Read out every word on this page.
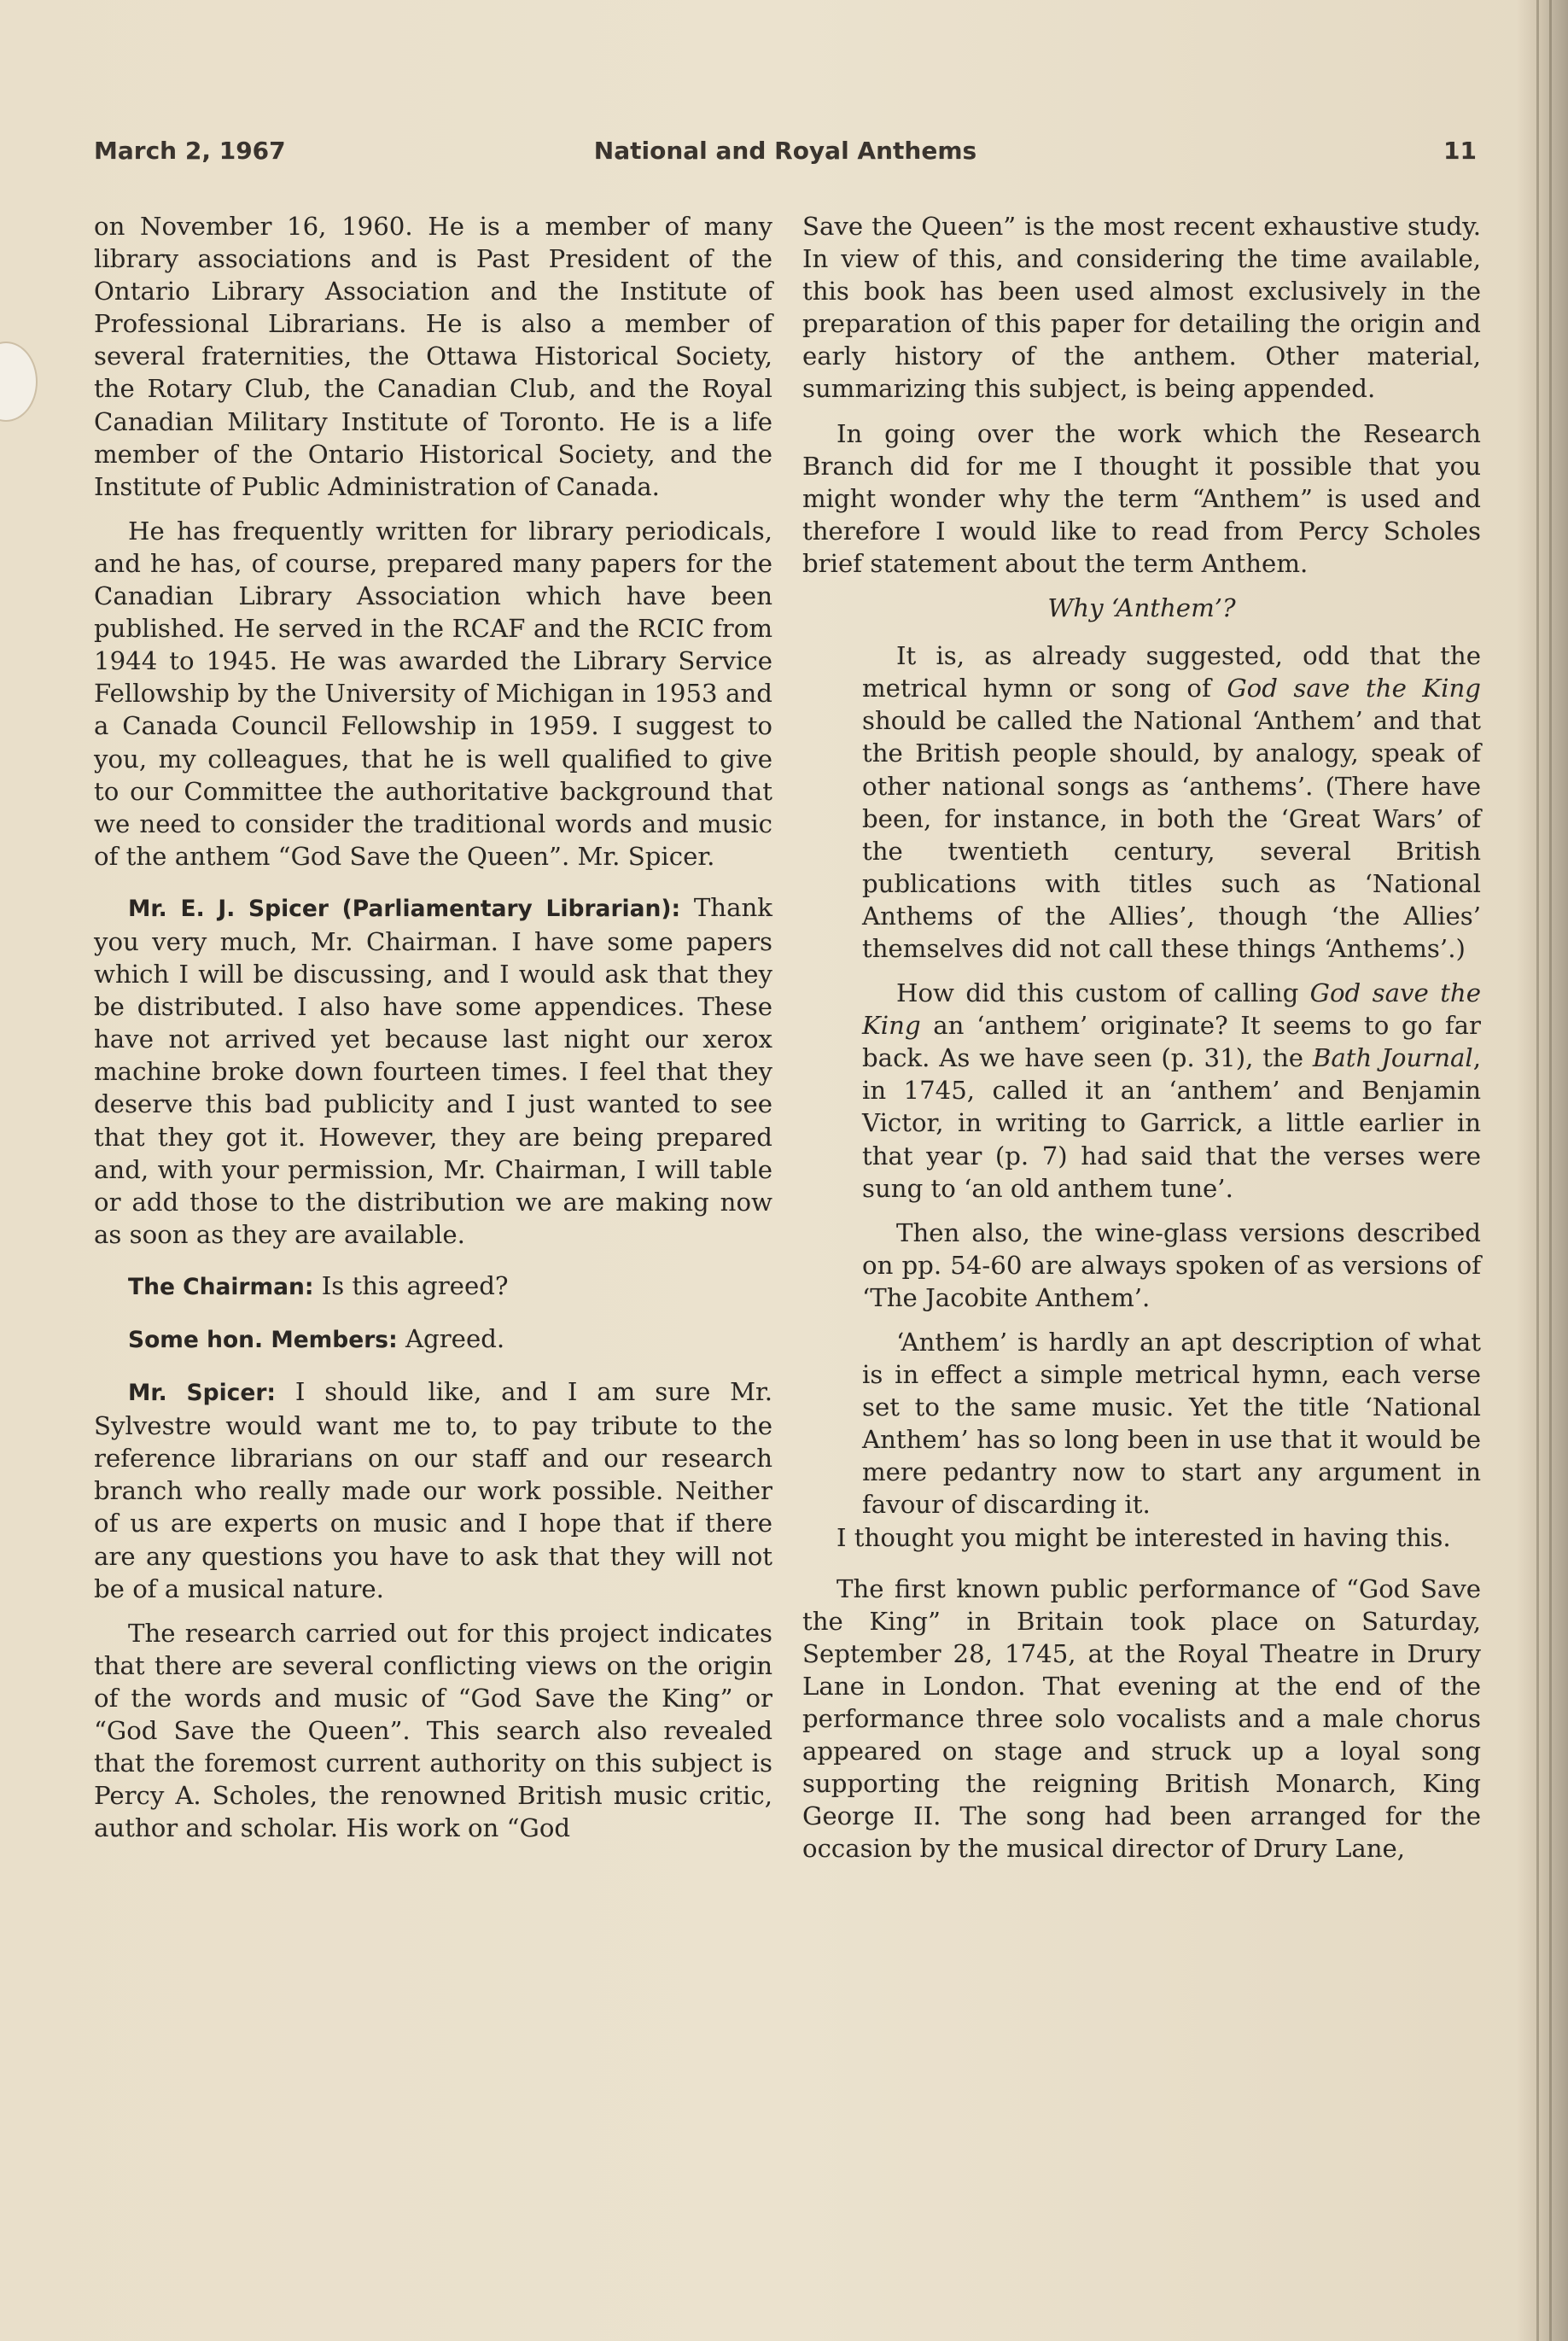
March 2, 1967	National and Royal Anthems	11

on November 16, 1960. He is a member of many library associations and is Past President of the Ontario Library Association and the Institute of Professional Librarians. He is also a member of several fraternities, the Ottawa Historical Society, the Rotary Club, the Canadian Club, and the Royal Canadian Military Institute of Toronto. He is a life member of the Ontario Historical Society, and the Institute of Public Administration of Canada.

He has frequently written for library periodicals, and he has, of course, prepared many papers for the Canadian Library Association which have been published. He served in the RCAF and the RCIC from 1944 to 1945. He was awarded the Library Service Fellowship by the University of Michigan in 1953 and a Canada Council Fellowship in 1959. I suggest to you, my colleagues, that he is well qualified to give to our Committee the authoritative background that we need to consider the traditional words and music of the anthem “God Save the Queen”. Mr. Spicer.

Mr. E. J. Spicer (Parliamentary Librarian): Thank you very much, Mr. Chairman. I have some papers which I will be discussing, and I would ask that they be distributed. I also have some appendices. These have not arrived yet because last night our xerox machine broke down fourteen times. I feel that they deserve this bad publicity and I just wanted to see that they got it. However, they are being prepared and, with your permission, Mr. Chairman, I will table or add those to the distribution we are making now as soon as they are available.

The Chairman: Is this agreed?

Some hon. Members: Agreed.

Mr. Spicer: I should like, and I am sure Mr. Sylvestre would want me to, to pay tribute to the reference librarians on our staff and our research branch who really made our work possible. Neither of us are experts on music and I hope that if there are any questions you have to ask that they will not be of a musical nature.

The research carried out for this project indicates that there are several conflicting views on the origin of the words and music of “God Save the King” or “God Save the Queen”. This search also revealed that the foremost current authority on this subject is Percy A. Scholes, the renowned British music critic, author and scholar. His work on “God

Save the Queen” is the most recent exhaustive study. In view of this, and considering the time available, this book has been used almost exclusively in the preparation of this paper for detailing the origin and early history of the anthem. Other material, summarizing this subject, is being appended.

In going over the work which the Research Branch did for me I thought it possible that you might wonder why the term “Anthem” is used and therefore I would like to read from Percy Scholes brief statement about the term Anthem.

Why ‘Anthem’?

It is, as already suggested, odd that the metrical hymn or song of God save the King should be called the National ‘Anthem’ and that the British people should, by analogy, speak of other national songs as ‘anthems’. (There have been, for instance, in both the ‘Great Wars’ of the twentieth century, several British publications with titles such as ‘National Anthems of the Allies’, though ‘the Allies’ themselves did not call these things ‘Anthems’.)

How did this custom of calling God save the King an ‘anthem’ originate? It seems to go far back. As we have seen (p. 31), the Bath Journal, in 1745, called it an ‘anthem’ and Benjamin Victor, in writing to Garrick, a little earlier in that year (p. 7) had said that the verses were sung to ‘an old anthem tune’.

Then also, the wine-glass versions described on pp. 54-60 are always spoken of as versions of ‘The Jacobite Anthem’.

‘Anthem’ is hardly an apt description of what is in effect a simple metrical hymn, each verse set to the same music. Yet the title ‘National Anthem’ has so long been in use that it would be mere pedantry now to start any argument in favour of discarding it.

I thought you might be interested in having this.

The first known public performance of “God Save the King” in Britain took place on Saturday, September 28, 1745, at the Royal Theatre in Drury Lane in London. That evening at the end of the performance three solo vocalists and a male chorus appeared on stage and struck up a loyal song supporting the reigning British Monarch, King George II. The song had been arranged for the occasion by the musical director of Drury Lane,
